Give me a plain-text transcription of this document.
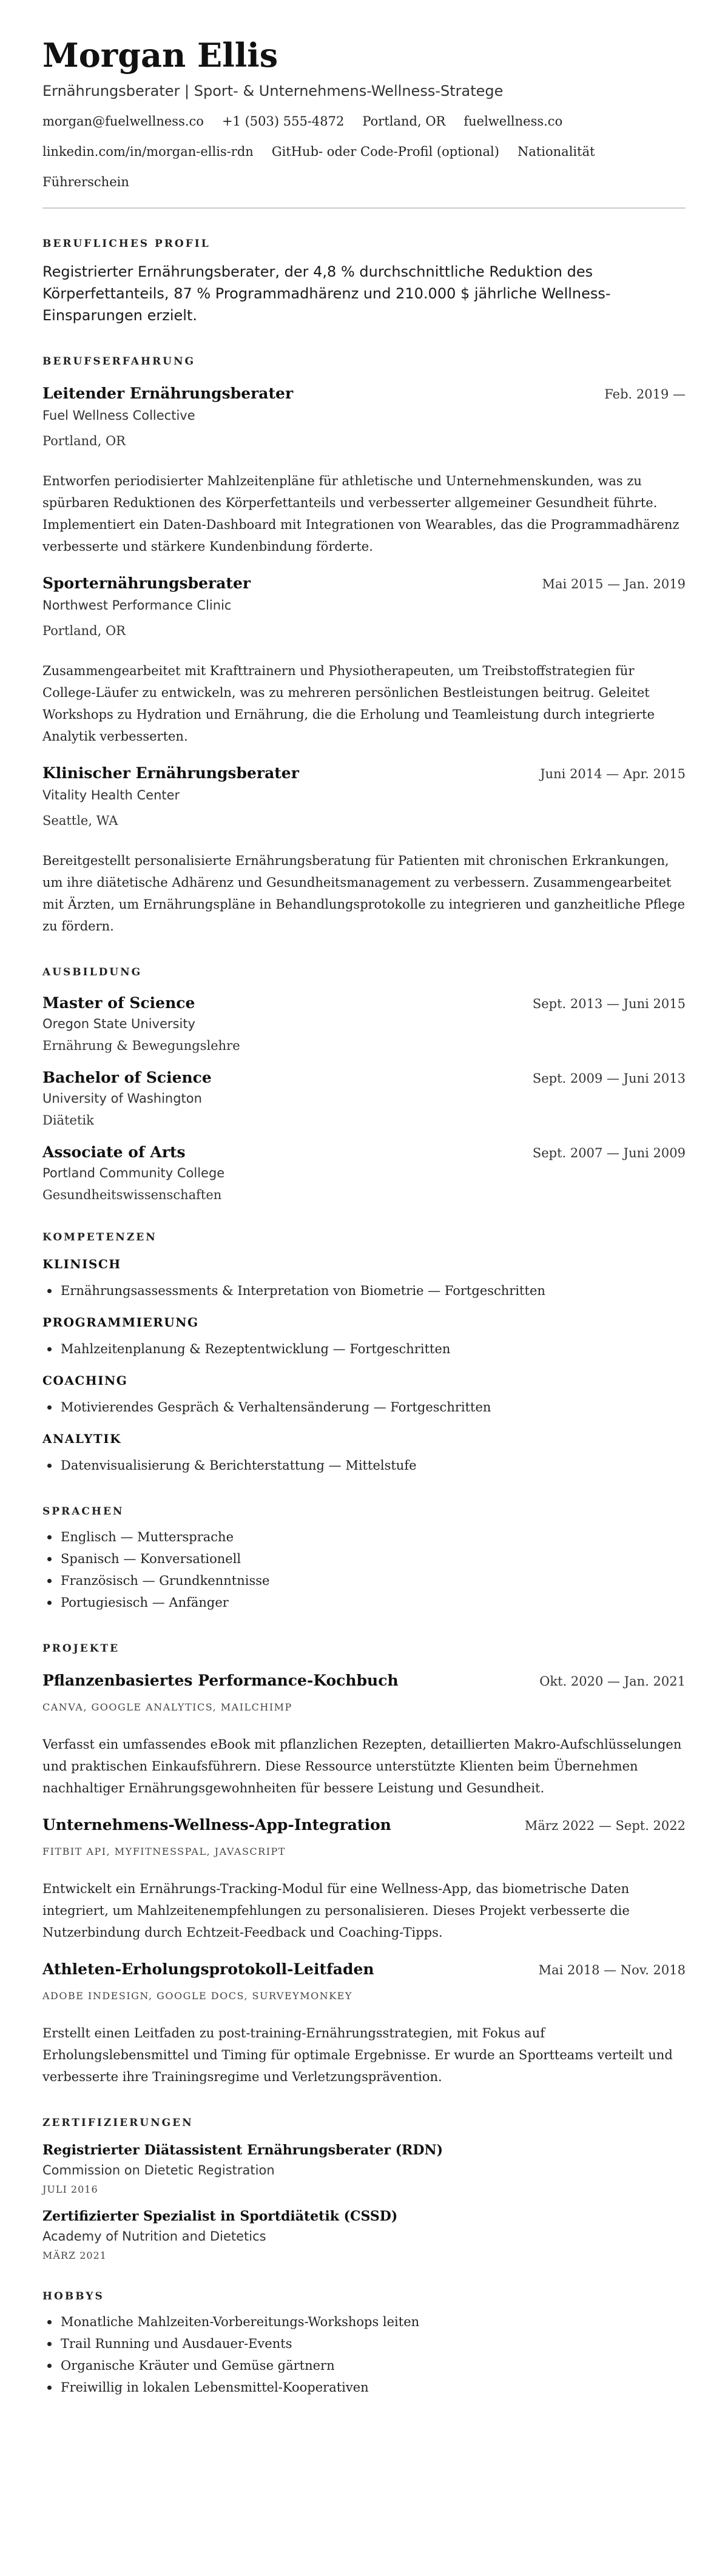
Morgan Ellis
Ernährungsberater | Sport- & Unternehmens-Wellness-Stratege
morgan@fuelwellness.co +1 (503) 555-4872 Portland, OR fuelwellness.co
linkedin.com/in/morgan-ellis-rdn GitHub- oder Code-Profil (optional) Nationalität
Führerschein
BERUFLICHES PROFIL

Registrierter Ernährungsberater, der 4,8 % durchschnittliche Reduktion des Körperfettanteils, 87 % Programmadhärenz und 210.000 $ jährliche Wellness-Einsparungen erzielt.

BERUFSERFAHRUNG
Leitender Ernährungsberater	Feb. 2019 —
Fuel Wellness Collective
Portland, OR

Entworfen periodisierter Mahlzeitenpläne für athletische und Unternehmenskunden, was zu spürbaren Reduktionen des Körperfettanteils und verbesserter allgemeiner Gesundheit führte. Implementiert ein Daten-Dashboard mit Integrationen von Wearables, das die Programmadhärenz verbesserte und stärkere Kundenbindung förderte.

Sporternährungsberater	Mai 2015 — Jan. 2019
Northwest Performance Clinic
Portland, OR

Zusammengearbeitet mit Krafttrainern und Physiotherapeuten, um Treibstoffstrategien für College-Läufer zu entwickeln, was zu mehreren persönlichen Bestleistungen beitrug. Geleitet Workshops zu Hydration und Ernährung, die die Erholung und Teamleistung durch integrierte Analytik verbesserten.

Klinischer Ernährungsberater	Juni 2014 — Apr. 2015
Vitality Health Center
Seattle, WA

Bereitgestellt personalisierte Ernährungsberatung für Patienten mit chronischen Erkrankungen, um ihre diätetische Adhärenz und Gesundheitsmanagement zu verbessern. Zusammengearbeitet mit Ärzten, um Ernährungspläne in Behandlungsprotokolle zu integrieren und ganzheitliche Pflege zu fördern.

AUSBILDUNG
Master of Science	Sept. 2013 — Juni 2015
Oregon State University
Ernährung & Bewegungslehre
Bachelor of Science	Sept. 2009 — Juni 2013
University of Washington
Diätetik
Associate of Arts	Sept. 2007 — Juni 2009
Portland Community College
Gesundheitswissenschaften
KOMPETENZEN
KLINISCH
Ernährungsassessments & Interpretation von Biometrie — Fortgeschritten
PROGRAMMIERUNG
Mahlzeitenplanung & Rezeptentwicklung — Fortgeschritten
COACHING
Motivierendes Gespräch & Verhaltensänderung — Fortgeschritten
ANALYTIK
Datenvisualisierung & Berichterstattung — Mittelstufe
SPRACHEN
Englisch — Muttersprache
Spanisch — Konversationell
Französisch — Grundkenntnisse
Portugiesisch — Anfänger
PROJEKTE
Pflanzenbasiertes Performance-Kochbuch	Okt. 2020 — Jan. 2021
CANVA, GOOGLE ANALYTICS, MAILCHIMP

Verfasst ein umfassendes eBook mit pflanzlichen Rezepten, detaillierten Makro-Aufschlüsselungen und praktischen Einkaufsführern. Diese Ressource unterstützte Klienten beim Übernehmen nachhaltiger Ernährungsgewohnheiten für bessere Leistung und Gesundheit.

Unternehmens-Wellness-App-Integration	März 2022 — Sept. 2022
FITBIT API, MYFITNESSPAL, JAVASCRIPT

Entwickelt ein Ernährungs-Tracking-Modul für eine Wellness-App, das biometrische Daten integriert, um Mahlzeitenempfehlungen zu personalisieren. Dieses Projekt verbesserte die Nutzerbindung durch Echtzeit-Feedback und Coaching-Tipps.

Athleten-Erholungsprotokoll-Leitfaden	Mai 2018 — Nov. 2018
ADOBE INDESIGN, GOOGLE DOCS, SURVEYMONKEY

Erstellt einen Leitfaden zu post-training-Ernährungsstrategien, mit Fokus auf Erholungslebensmittel und Timing für optimale Ergebnisse. Er wurde an Sportteams verteilt und verbesserte ihre Trainingsregime und Verletzungsprävention.

ZERTIFIZIERUNGEN
Registrierter Diätassistent Ernährungsberater (RDN)
Commission on Dietetic Registration
JULI 2016
Zertifizierter Spezialist in Sportdiätetik (CSSD)
Academy of Nutrition and Dietetics
MÄRZ 2021
HOBBYS
Monatliche Mahlzeiten-Vorbereitungs-Workshops leiten
Trail Running und Ausdauer-Events
Organische Kräuter und Gemüse gärtnern
Freiwillig in lokalen Lebensmittel-Kooperativen
